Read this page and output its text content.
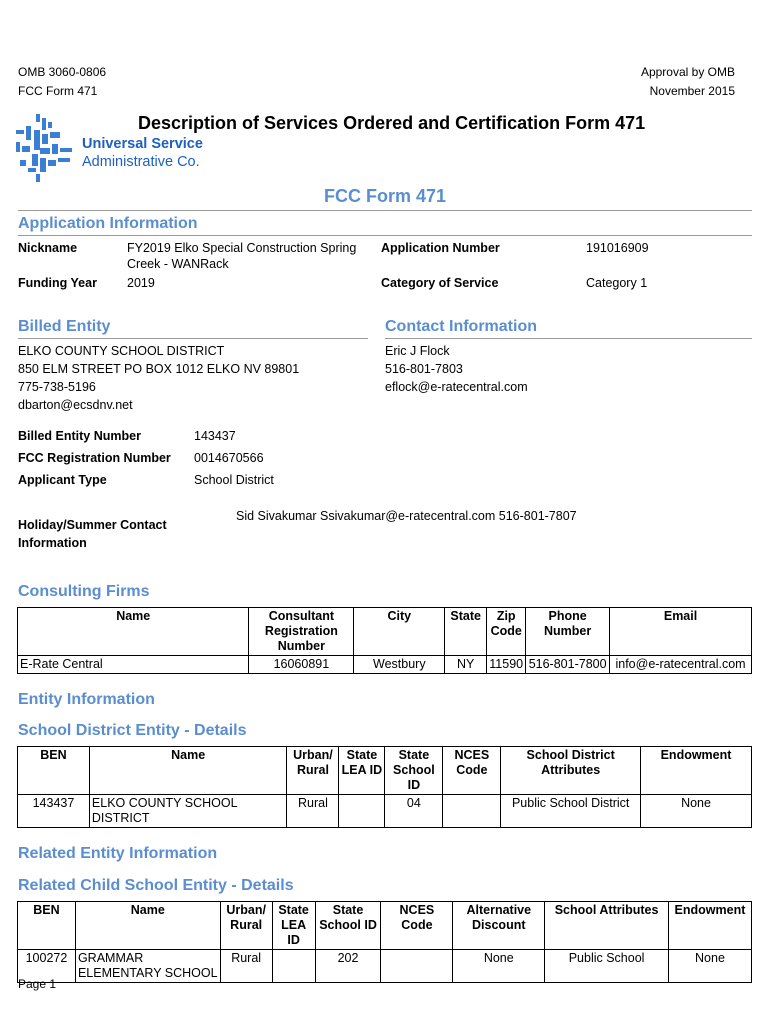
OMB 3060-0806
FCC Form 471
Approval by OMB
November 2015
Universal Service
Administrative Co.
Description of Services Ordered and Certification Form 471
FCC Form 471
Application Information
Nickname	FY2019 Elko Special Construction Spring
Creek - WANRack
Application Number	191016909
Funding Year 2019	Category of Service	Category 1
Billed Entity	Contact Information
ELKO COUNTY SCHOOL DISTRICT
850 ELM STREET PO BOX 1012 ELKO NV 89801
775-738-5196
dbarton@ecsdnv.net
Eric J Flock
516-801-7803
eflock@e-ratecentral.com
Billed Entity Number	143437
FCC Registration Number 0014670566
Applicant Type	School District
Holiday/Summer Contact
Information
Sid Sivakumar Ssivakumar@e-ratecentral.com 516-801-7807
Consulting Firms
Name	Consultant Registration Number	City	State	Zip Code	Phone Number	Email
E-Rate Central	16060891	Westbury	NY	11590	516-801-7800	info@e-ratecentral.com
Entity Information
School District Entity - Details
BEN	Name	Urban/ Rural	State LEA ID	State School ID	NCES Code	School District Attributes	Endowment
143437	ELKO COUNTY SCHOOL DISTRICT	Rural		04		Public School District	None
Related Entity Information
Related Child School Entity - Details
BEN	Name	Urban/ Rural	State LEA ID	State School ID	NCES Code	Alternative Discount	School Attributes	Endowment
100272	GRAMMAR ELEMENTARY SCHOOL	Rural		202		None	Public School	None
Page 1
